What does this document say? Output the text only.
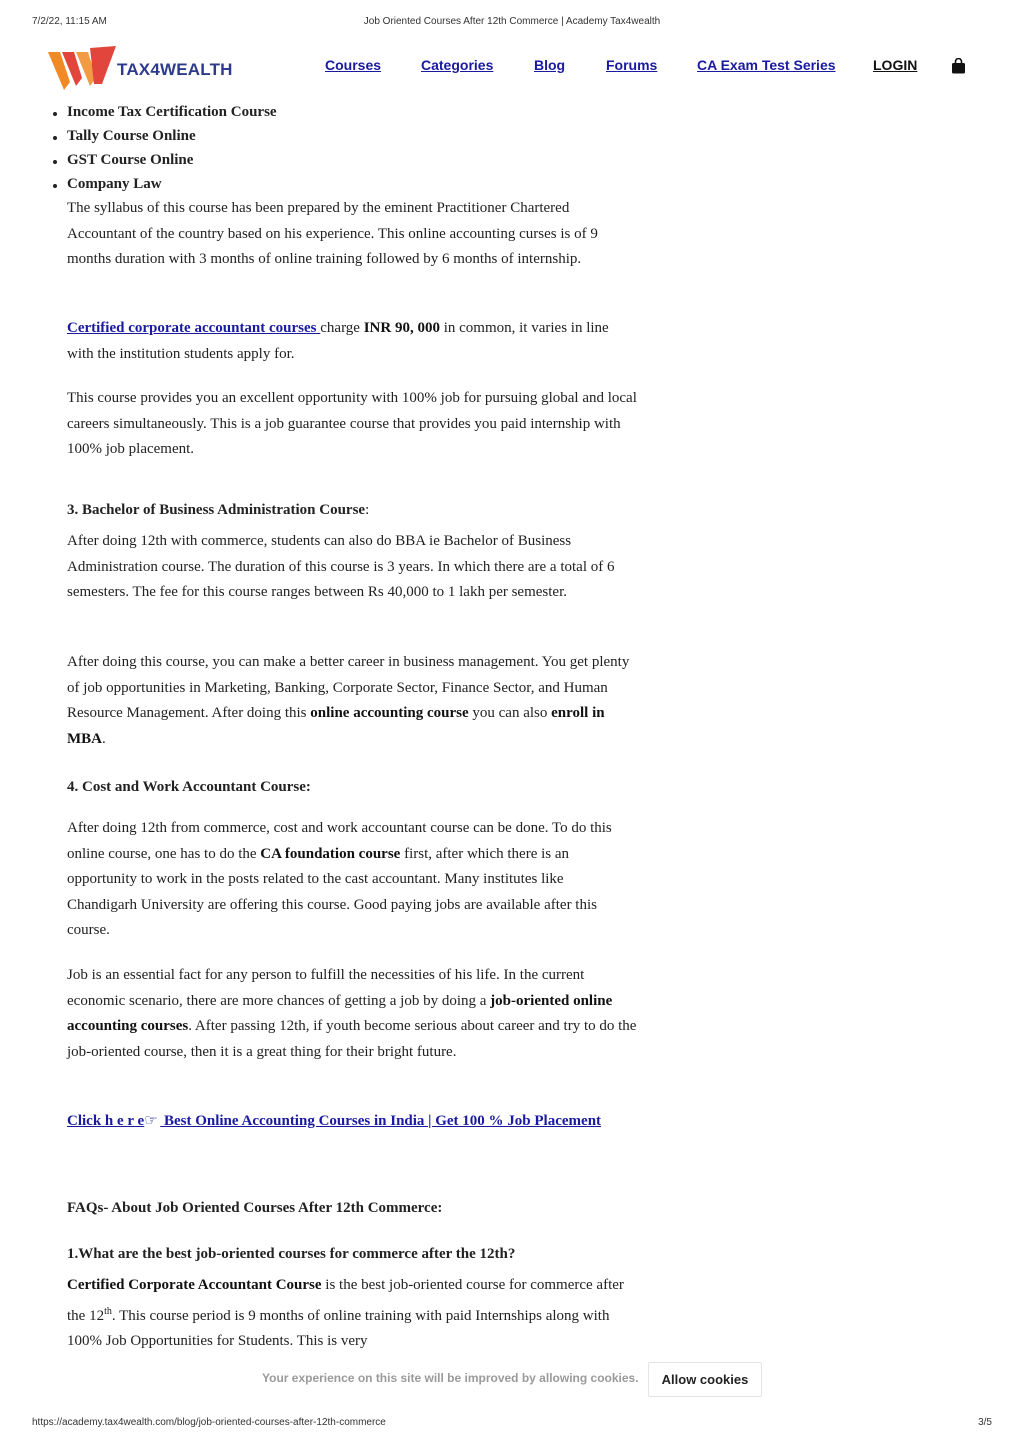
7/2/22, 11:15 AM	Job Oriented Courses After 12th Commerce | Academy Tax4wealth
TAX4WEALTH	Courses	Categories	Blog	Forums	CA Exam Test Series	LOGIN
Income Tax Certification Course
Tally Course Online
GST Course Online
Company Law

The syllabus of this course has been prepared by the eminent Practitioner Chartered Accountant of the country based on his experience. This online accounting curses is of 9 months duration with 3 months of online training followed by 6 months of internship.

Certified corporate accountant courses charge INR 90, 000 in common, it varies in line with the institution students apply for.

This course provides you an excellent opportunity with 100% job for pursuing global and local careers simultaneously. This is a job guarantee course that provides you paid internship with 100% job placement.

3. Bachelor of Business Administration Course:

After doing 12th with commerce, students can also do BBA ie Bachelor of Business Administration course. The duration of this course is 3 years. In which there are a total of 6 semesters. The fee for this course ranges between Rs 40,000 to 1 lakh per semester.

After doing this course, you can make a better career in business management. You get plenty of job opportunities in Marketing, Banking, Corporate Sector, Finance Sector, and Human Resource Management. After doing this online accounting course you can also enroll in MBA.

4. Cost and Work Accountant Course:

After doing 12th from commerce, cost and work accountant course can be done. To do this online course, one has to do the CA foundation course first, after which there is an opportunity to work in the posts related to the cast accountant. Many institutes like Chandigarh University are offering this course. Good paying jobs are available after this course.

Job is an essential fact for any person to fulfill the necessities of his life. In the current economic scenario, there are more chances of getting a job by doing a job-oriented online accounting courses. After passing 12th, if youth become serious about career and try to do the job-oriented course, then it is a great thing for their bright future.

Click h e r e☞ Best Online Accounting Courses in India | Get 100 % Job Placement

FAQs- About Job Oriented Courses After 12th Commerce:

1.What are the best job-oriented courses for commerce after the 12th?

Certified Corporate Accountant Course is the best job-oriented course for commerce after the 12th. This course period is 9 months of online training with paid Internships along with 100% Job Opportunities for Students. This is very

Your experience on this site will be improved by allowing cookies.	Allow cookies
https://academy.tax4wealth.com/blog/job-oriented-courses-after-12th-commerce	3/5
